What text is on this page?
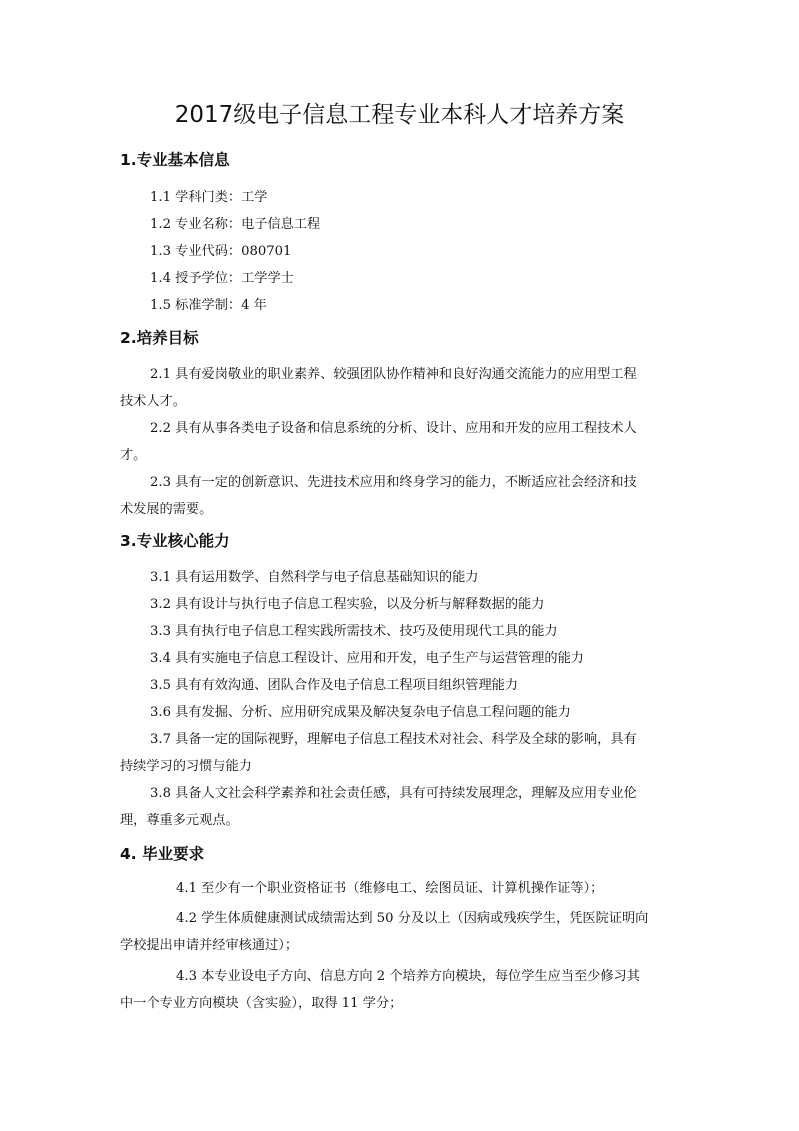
2017级电子信息工程专业本科人才培养方案
1.专业基本信息
1.1 学科门类：工学
1.2 专业名称：电子信息工程
1.3 专业代码：080701
1.4 授予学位：工学学士
1.5 标准学制：4 年
2.培养目标
2.1 具有爱岗敬业的职业素养、较强团队协作精神和良好沟通交流能力的应用型工程
技术人才。
2.2 具有从事各类电子设备和信息系统的分析、设计、应用和开发的应用工程技术人
才。
2.3 具有一定的创新意识、先进技术应用和终身学习的能力，不断适应社会经济和技
术发展的需要。
3.专业核心能力
3.1 具有运用数学、自然科学与电子信息基础知识的能力
3.2 具有设计与执行电子信息工程实验，以及分析与解释数据的能力
3.3 具有执行电子信息工程实践所需技术、技巧及使用现代工具的能力
3.4 具有实施电子信息工程设计、应用和开发，电子生产与运营管理的能力
3.5 具有有效沟通、团队合作及电子信息工程项目组织管理能力
3.6 具有发掘、分析、应用研究成果及解决复杂电子信息工程问题的能力
3.7 具备一定的国际视野，理解电子信息工程技术对社会、科学及全球的影响，具有
持续学习的习惯与能力
3.8 具备人文社会科学素养和社会责任感，具有可持续发展理念，理解及应用专业伦
理，尊重多元观点。
4. 毕业要求
4.1 至少有一个职业资格证书（维修电工、绘图员证、计算机操作证等）；
4.2 学生体质健康测试成绩需达到 50 分及以上（因病或残疾学生，凭医院证明向
学校提出申请并经审核通过）；
4.3 本专业设电子方向、信息方向 2 个培养方向模块，每位学生应当至少修习其
中一个专业方向模块（含实验），取得 11 学分；
